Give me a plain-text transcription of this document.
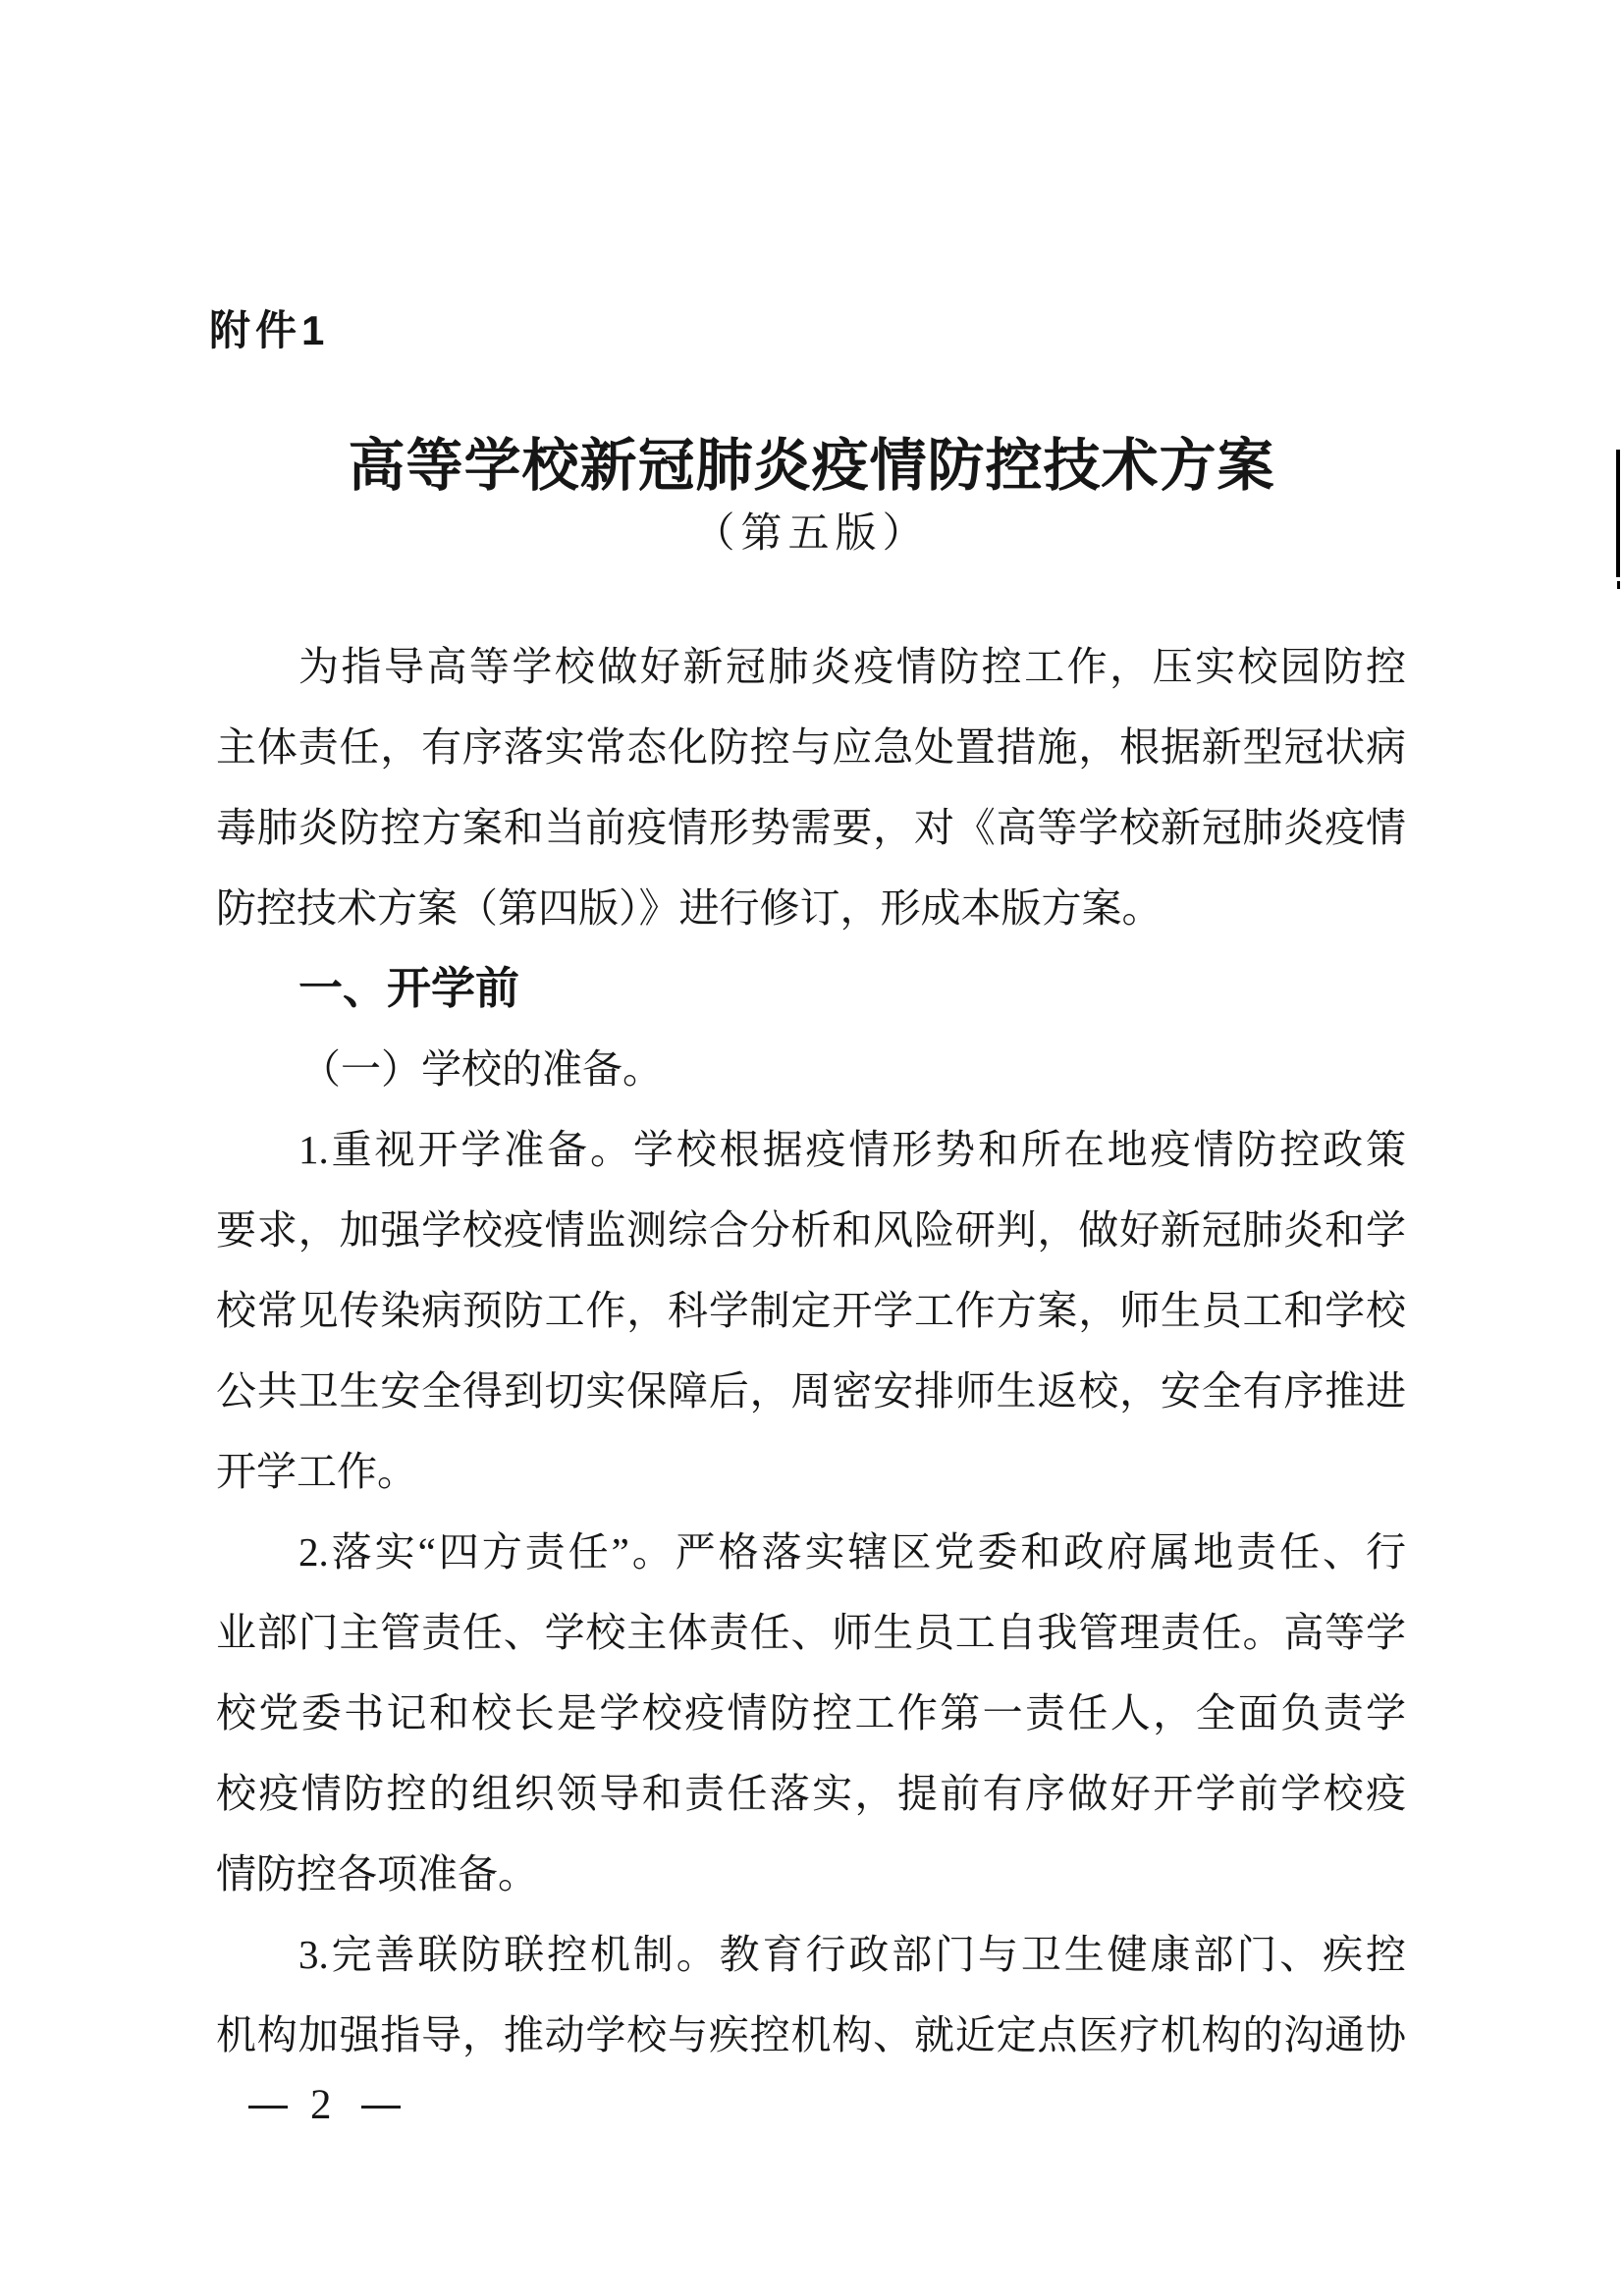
附件1
高等学校新冠肺炎疫情防控技术方案
（第五版）
为指导高等学校做好新冠肺炎疫情防控工作，压实校园防控
主体责任，有序落实常态化防控与应急处置措施，根据新型冠状病
毒肺炎防控方案和当前疫情形势需要，对《高等学校新冠肺炎疫情
防控技术方案（第四版）》进行修订，形成本版方案。
一、开学前
（一）学校的准备。
1.重视开学准备。学校根据疫情形势和所在地疫情防控政策
要求，加强学校疫情监测综合分析和风险研判，做好新冠肺炎和学
校常见传染病预防工作，科学制定开学工作方案，师生员工和学校
公共卫生安全得到切实保障后，周密安排师生返校，安全有序推进
开学工作。
2.落实“四方责任”。严格落实辖区党委和政府属地责任、行
业部门主管责任、学校主体责任、师生员工自我管理责任。高等学
校党委书记和校长是学校疫情防控工作第一责任人，全面负责学
校疫情防控的组织领导和责任落实，提前有序做好开学前学校疫
情防控各项准备。
3.完善联防联控机制。教育行政部门与卫生健康部门、疾控
机构加强指导，推动学校与疾控机构、就近定点医疗机构的沟通协
2
